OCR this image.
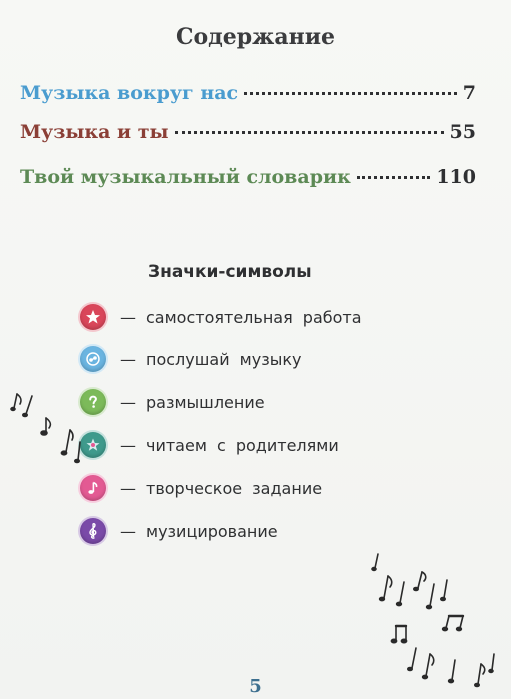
Содержание
Музыка вокруг нас	7
Музыка и ты	55
Твой музыкальный словарик	110
Значки-символы
— самостоятельная работа
— послушай музыку
— размышление
— читаем с родителями
— творческое задание
— музицирование
5
